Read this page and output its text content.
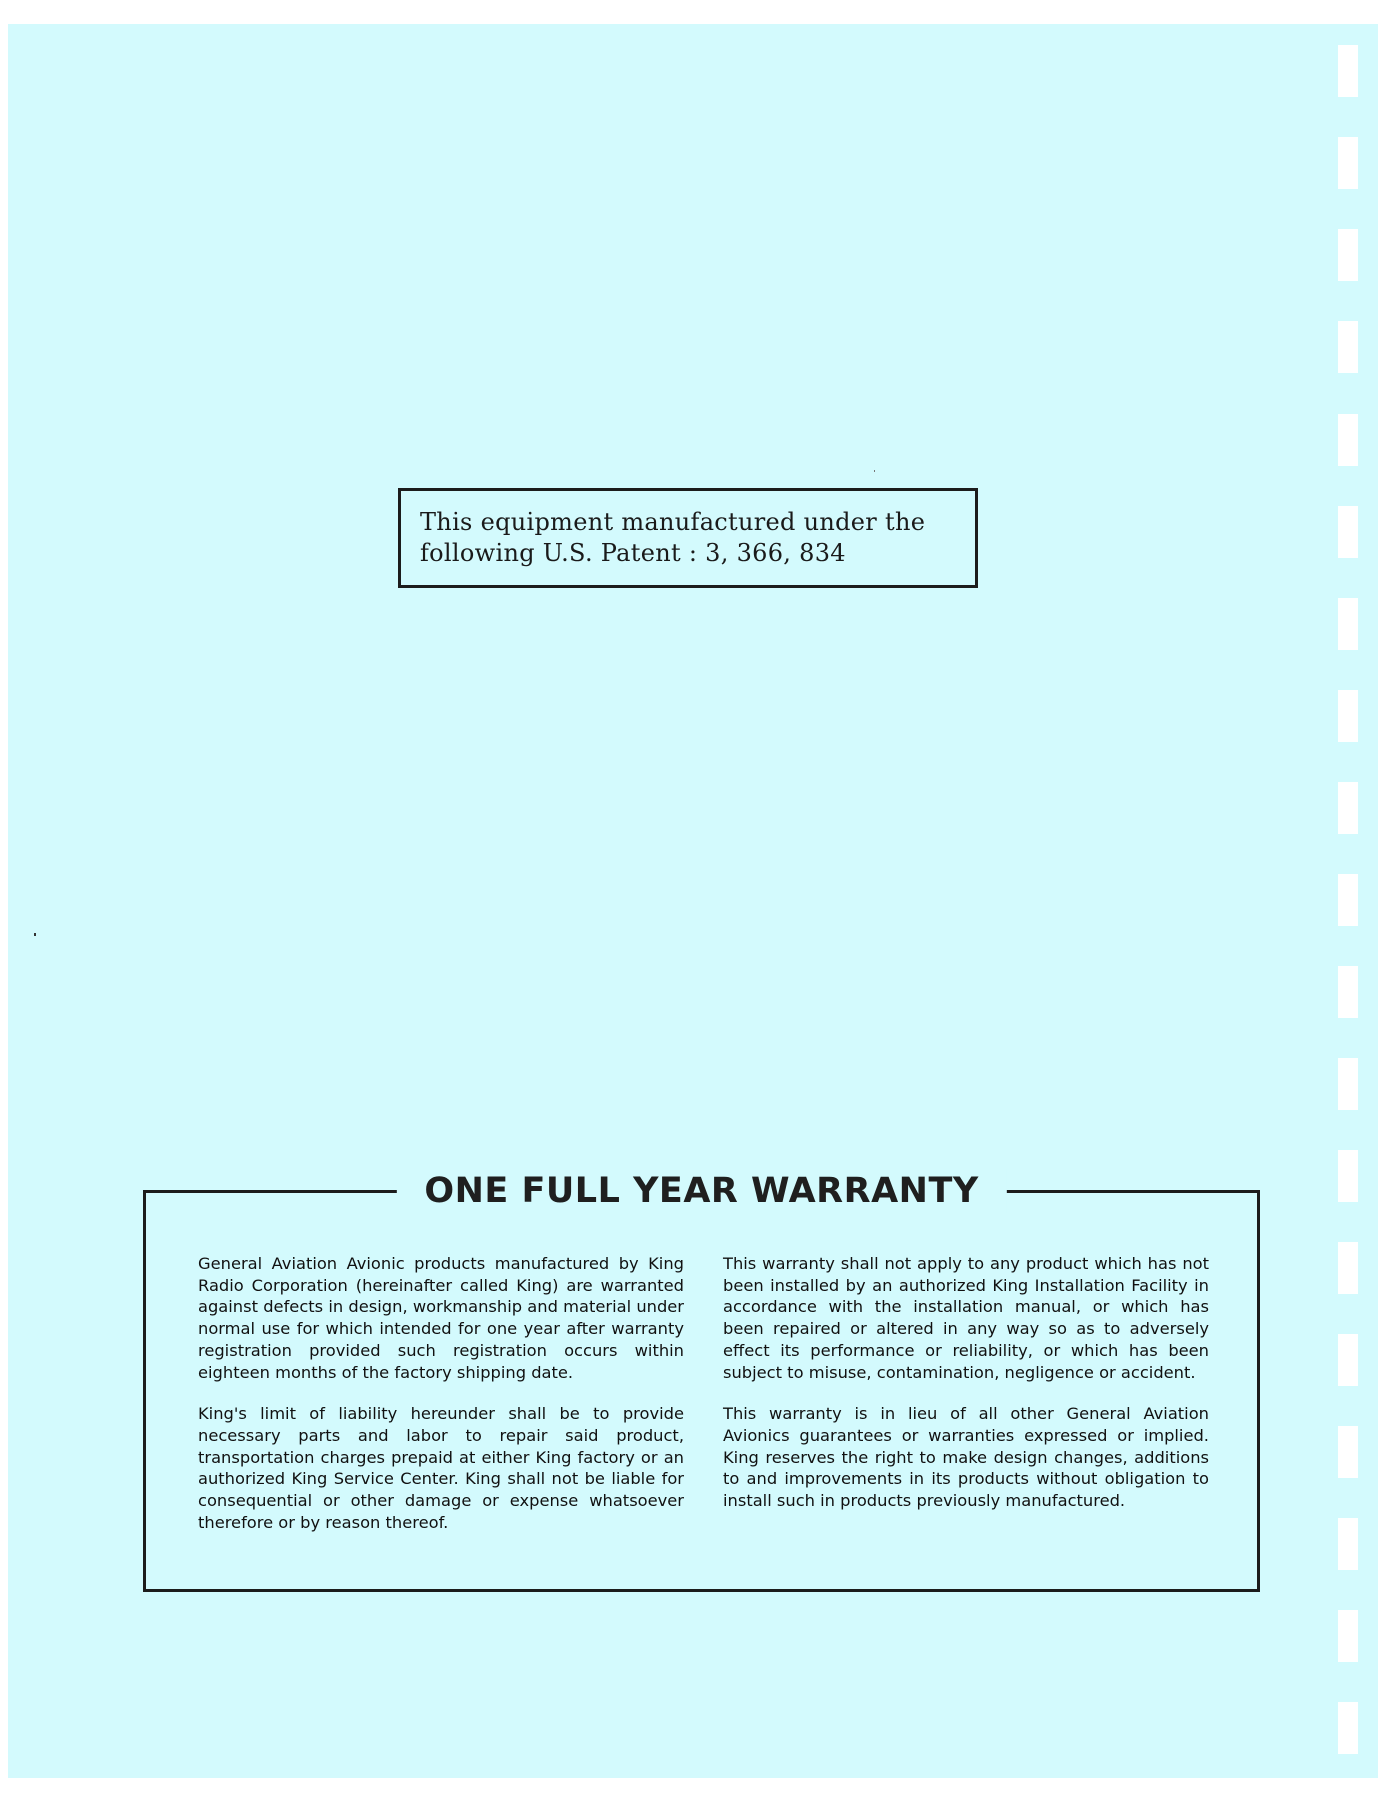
This equipment manufactured under the
following U.S. Patent : 3, 366, 834
ONE FULL YEAR WARRANTY

General Aviation Avionic products manufactured by King Radio Corporation (hereinafter called King) are warranted against defects in design, workmanship and material under normal use for which intended for one year after warranty registration provided such registration occurs within eighteen months of the factory shipping date.

King's limit of liability hereunder shall be to provide necessary parts and labor to repair said product, transportation charges prepaid at either King factory or an authorized King Service Center. King shall not be liable for consequential or other damage or expense whatsoever therefore or by reason thereof.

This warranty shall not apply to any product which has not been installed by an authorized King Installation Facility in accordance with the installation manual, or which has been repaired or altered in any way so as to adversely effect its performance or reliability, or which has been subject to misuse, contamination, negligence or accident.

This warranty is in lieu of all other General Aviation Avionics guarantees or warranties expressed or implied. King reserves the right to make design changes, additions to and improvements in its products without obligation to install such in products previously manufactured.
